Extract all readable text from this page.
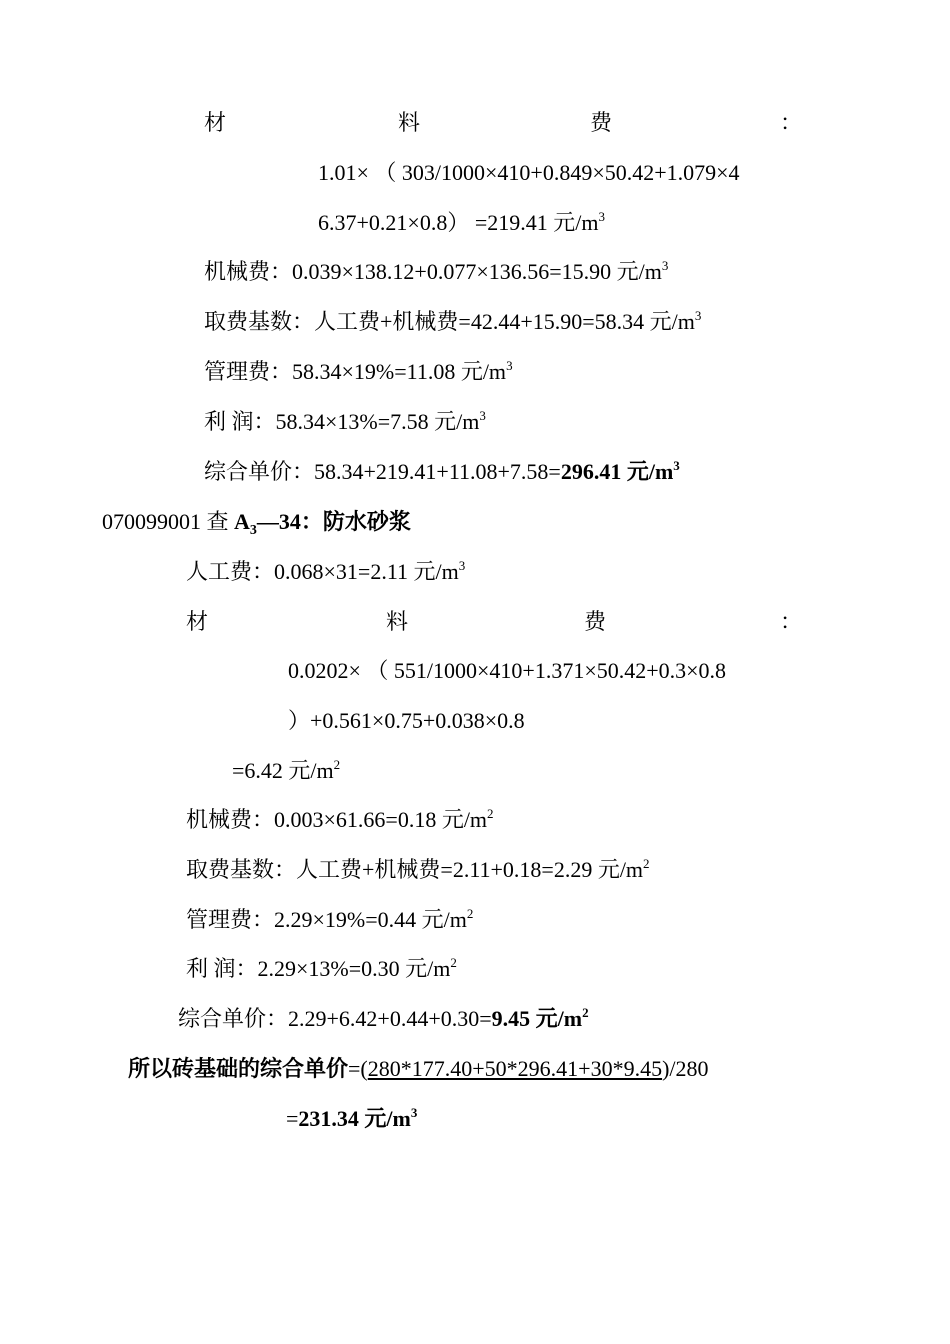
材	料	费	：
1.01× （ 303/1000×410+0.849×50.42+1.079×4
6.37+0.21×0.8） =219.41 元$/m^3$
机械费：0.039×138.12+0.077×136.56=15.90 元$/m^3$
取费基数：人工费+机械费=42.44+15.90=58.34 元$/m^3$
管理费：58.34×19%=11.08 元$/m^3$
利 润：58.34×13%=7.58 元$/m^3$
综合单价：58.34+219.41+11.08+7.58=296.41 元$/m^3$
070099001 查 $A_3—34$：防水砂浆
人工费：0.068×31=2.11 元$/m^3$
材	料	费	：
0.0202× （ 551/1000×410+1.371×50.42+0.3×0.8
）+0.561×0.75+0.038×0.8
=6.42 元$/m^2$
机械费：0.003×61.66=0.18 元$/m^2$
取费基数：人工费+机械费=2.11+0.18=2.29 元$/m^2$
管理费：2.29×19%=0.44 元$/m^2$
利 润：2.29×13%=0.30 元$/m^2$
综合单价：2.29+6.42+0.44+0.30=9.45 元$/m^2$
所以砖基础的综合单价=(280*177.40+50*296.41+30*9.45)/280
=231.34 元$/m^3$
